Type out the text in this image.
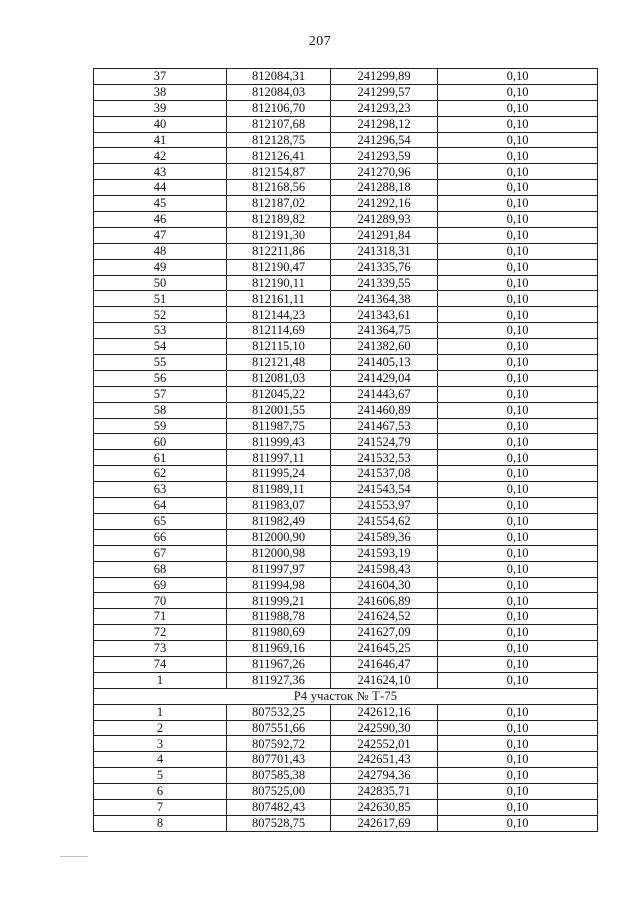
207
37	812084,31	241299,89	0,10
38	812084,03	241299,57	0,10
39	812106,70	241293,23	0,10
40	812107,68	241298,12	0,10
41	812128,75	241296,54	0,10
42	812126,41	241293,59	0,10
43	812154,87	241270,96	0,10
44	812168,56	241288,18	0,10
45	812187,02	241292,16	0,10
46	812189,82	241289,93	0,10
47	812191,30	241291,84	0,10
48	812211,86	241318,31	0,10
49	812190,47	241335,76	0,10
50	812190,11	241339,55	0,10
51	812161,11	241364,38	0,10
52	812144,23	241343,61	0,10
53	812114,69	241364,75	0,10
54	812115,10	241382,60	0,10
55	812121,48	241405,13	0,10
56	812081,03	241429,04	0,10
57	812045,22	241443,67	0,10
58	812001,55	241460,89	0,10
59	811987,75	241467,53	0,10
60	811999,43	241524,79	0,10
61	811997,11	241532,53	0,10
62	811995,24	241537,08	0,10
63	811989,11	241543,54	0,10
64	811983,07	241553,97	0,10
65	811982,49	241554,62	0,10
66	812000,90	241589,36	0,10
67	812000,98	241593,19	0,10
68	811997,97	241598,43	0,10
69	811994,98	241604,30	0,10
70	811999,21	241606,89	0,10
71	811988,78	241624,52	0,10
72	811980,69	241627,09	0,10
73	811969,16	241645,25	0,10
74	811967,26	241646,47	0,10
1	811927,36	241624,10	0,10
Р4 участок № Т-75			
1	807532,25	242612,16	0,10
2	807551,66	242590,30	0,10
3	807592,72	242552,01	0,10
4	807701,43	242651,43	0,10
5	807585,38	242794,36	0,10
6	807525,00	242835,71	0,10
7	807482,43	242630,85	0,10
8	807528,75	242617,69	0,10
